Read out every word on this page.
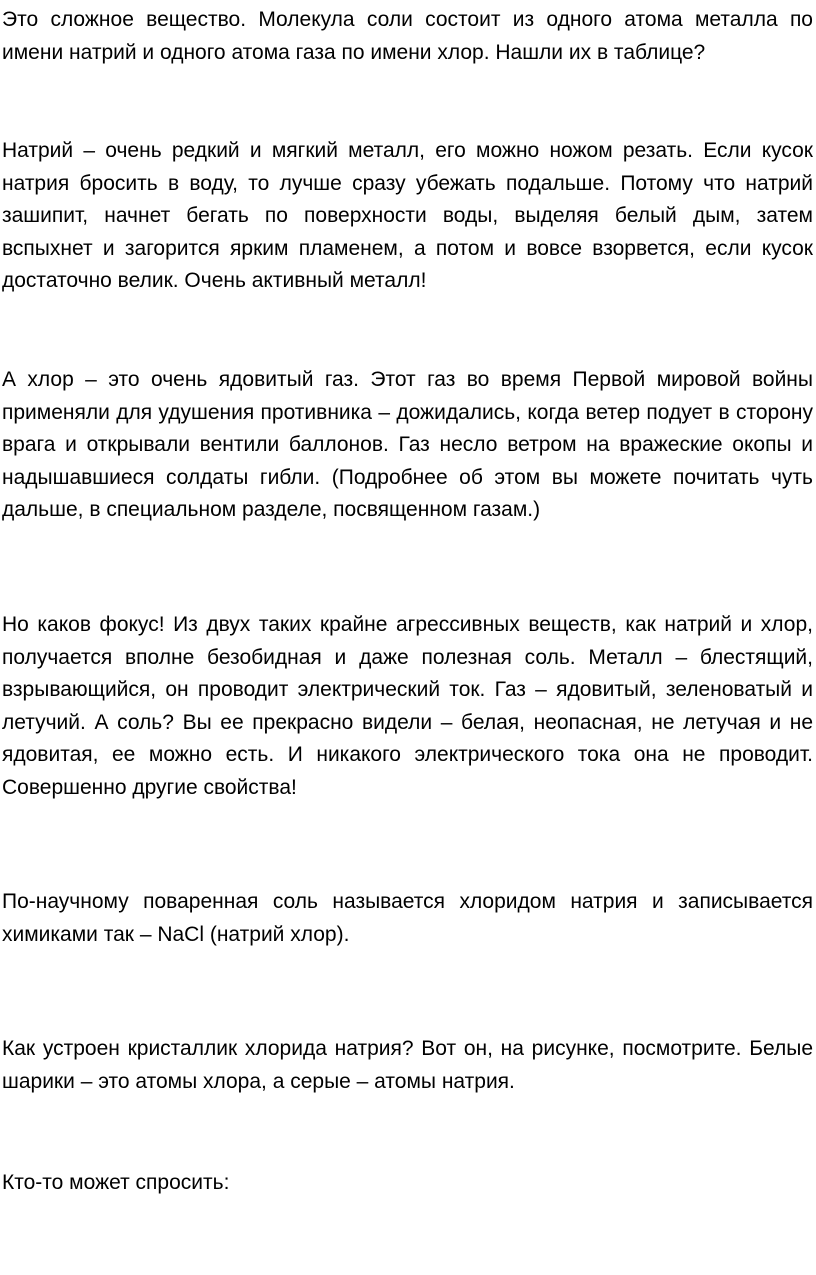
Это сложное вещество. Молекула соли состоит из одного атома металла по имени натрий и одного атома газа по имени хлор. Нашли их в таблице?

Натрий – очень редкий и мягкий металл, его можно ножом резать. Если кусок натрия бросить в воду, то лучше сразу убежать подальше. Потому что натрий зашипит, начнет бегать по поверхности воды, выделяя белый дым, затем вспыхнет и загорится ярким пламенем, а потом и вовсе взорвется, если кусок достаточно велик. Очень активный металл!

А хлор – это очень ядовитый газ. Этот газ во время Первой мировой войны применяли для удушения противника – дожидались, когда ветер подует в сторону врага и открывали вентили баллонов. Газ несло ветром на вражеские окопы и надышавшиеся солдаты гибли. (Подробнее об этом вы можете почитать чуть дальше, в специальном разделе, посвященном газам.)

Но каков фокус! Из двух таких крайне агрессивных веществ, как натрий и хлор, получается вполне безобидная и даже полезная соль. Металл – блестящий, взрывающийся, он проводит электрический ток. Газ – ядовитый, зеленоватый и летучий. А соль? Вы ее прекрасно видели – белая, неопасная, не летучая и не ядовитая, ее можно есть. И никакого электрического тока она не проводит. Совершенно другие свойства!

По-научному поваренная соль называется хлоридом натрия и записывается химиками так – NaCl (натрий хлор).

Как устроен кристаллик хлорида натрия? Вот он, на рисунке, посмотрите. Белые шарики – это атомы хлора, а серые – атомы натрия.

Кто-то может спросить:
